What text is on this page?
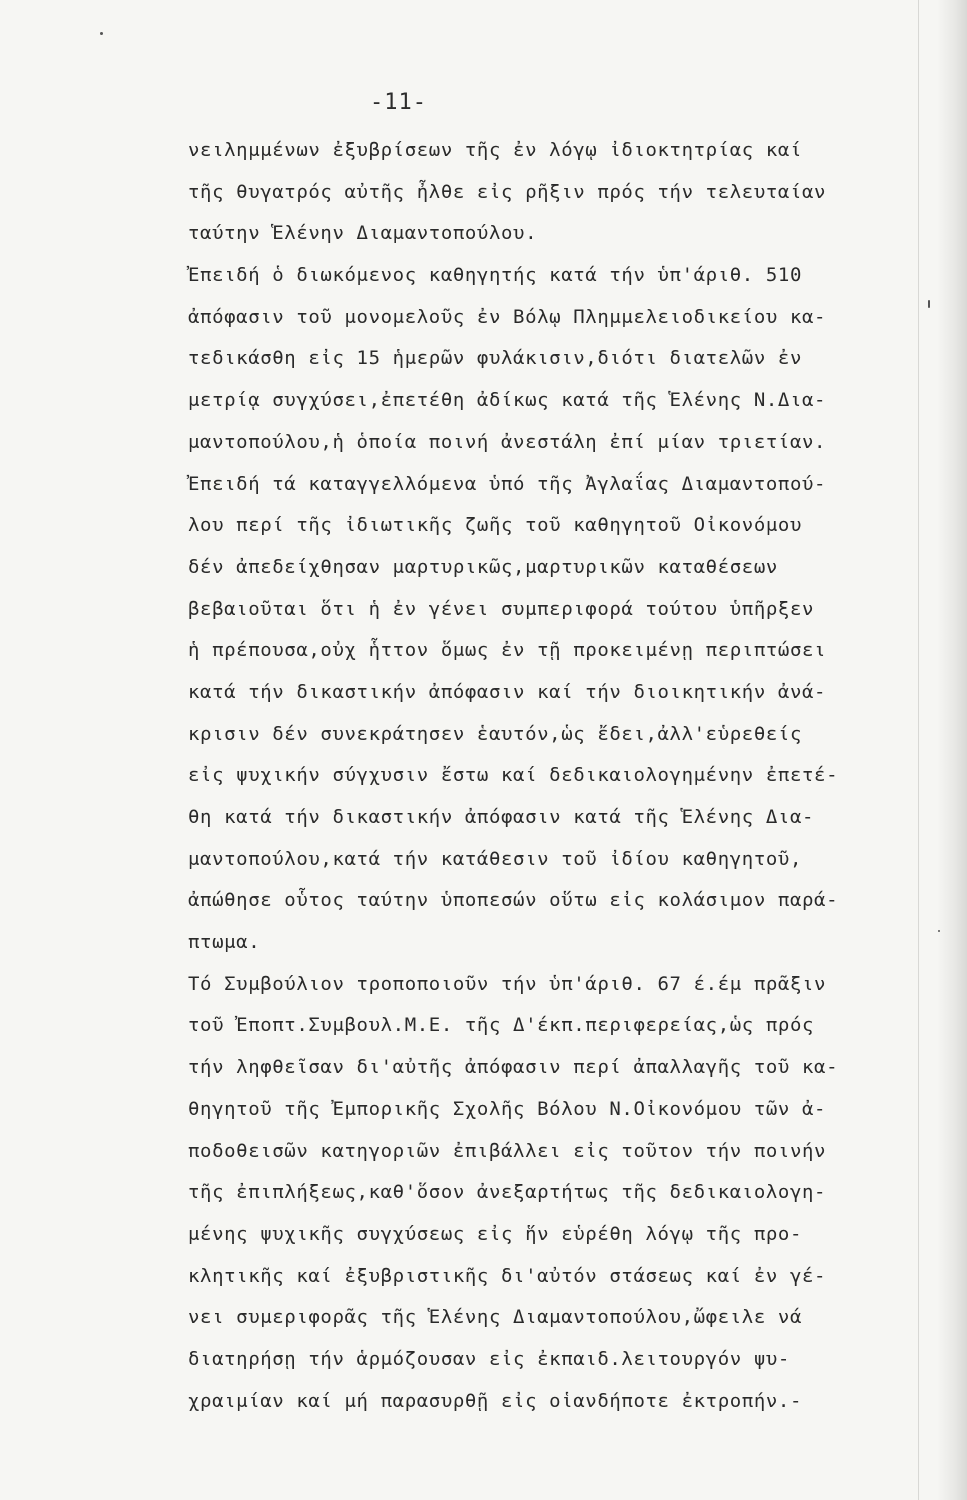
-11-
νειλημμένων ἐξυβρίσεων τῆς ἐν λόγῳ ἰδιοκτητρίας καί
τῆς θυγατρός αὐτῆς ἦλθε εἰς ρῆξιν πρός τήν τελευταίαν
ταύτην Ἑλένην Διαμαντοπούλου.
Ἐπειδή ὁ διωκόμενος καθηγητής κατά τήν ὑπ'άριθ. 510
ἀπόφασιν τοῦ μονομελοῦς ἐν Βόλῳ Πλημμελειοδικείου κα-
τεδικάσθη εἰς 15 ἡμερῶν φυλάκισιν,διότι διατελῶν ἐν
μετρίᾳ συγχύσει,ἐπετέθη ἀδίκως κατά τῆς Ἑλένης Ν.Δια-
μαντοπούλου,ἡ ὁποία ποινή ἀνεστάλη ἐπί μίαν τριετίαν.
Ἐπειδή τά καταγγελλόμενα ὑπό τῆς Ἀγλαΐας Διαμαντοπού-
λου περί τῆς ἰδιωτικῆς ζωῆς τοῦ καθηγητοῦ Οἰκονόμου
δέν ἀπεδείχθησαν μαρτυρικῶς,μαρτυρικῶν καταθέσεων
βεβαιοῦται ὅτι ἡ ἐν γένει συμπεριφορά τούτου ὑπῆρξεν
ἡ πρέπουσα,οὐχ ἧττον ὅμως ἐν τῇ προκειμένῃ περιπτώσει
κατά τήν δικαστικήν ἀπόφασιν καί τήν διοικητικήν ἀνά-
κρισιν δέν συνεκράτησεν ἑαυτόν,ὡς ἔδει,ἀλλ'εὑρεθείς
εἰς ψυχικήν σύγχυσιν ἔστω καί δεδικαιολογημένην ἐπετέ-
θη κατά τήν δικαστικήν ἀπόφασιν κατά τῆς Ἑλένης Δια-
μαντοπούλου,κατά τήν κατάθεσιν τοῦ ἰδίου καθηγητοῦ,
ἀπώθησε οὗτος ταύτην ὑποπεσών οὕτω εἰς κολάσιμον παρά-
πτωμα.
Τό Συμβούλιον τροποποιοῦν τήν ὑπ'άριθ. 67 έ.έμ πρᾶξιν
τοῦ Ἐποπτ.Συμβουλ.Μ.Ε. τῆς Δ'έκπ.περιφερείας,ὡς πρός
τήν ληφθεῖσαν δι'αὐτῆς ἀπόφασιν περί ἀπαλλαγῆς τοῦ κα-
θηγητοῦ τῆς Ἐμπορικῆς Σχολῆς Βόλου Ν.Οἰκονόμου τῶν ἀ-
ποδοθεισῶν κατηγοριῶν ἐπιβάλλει εἰς τοῦτον τήν ποινήν
τῆς ἐπιπλήξεως,καθ'ὅσον ἀνεξαρτήτως τῆς δεδικαιολογη-
μένης ψυχικῆς συγχύσεως εἰς ἥν εὑρέθη λόγῳ τῆς προ-
κλητικῆς καί ἐξυβριστικῆς δι'αὐτόν στάσεως καί ἐν γέ-
νει συμεριφορᾶς τῆς Ἑλένης Διαμαντοπούλου,ὤφειλε νά
διατηρήσῃ τήν ἁρμόζουσαν εἰς ἐκπαιδ.λειτουργόν ψυ-
χραιμίαν καί μή παρασυρθῇ εἰς οἱανδήποτε ἐκτροπήν.-
